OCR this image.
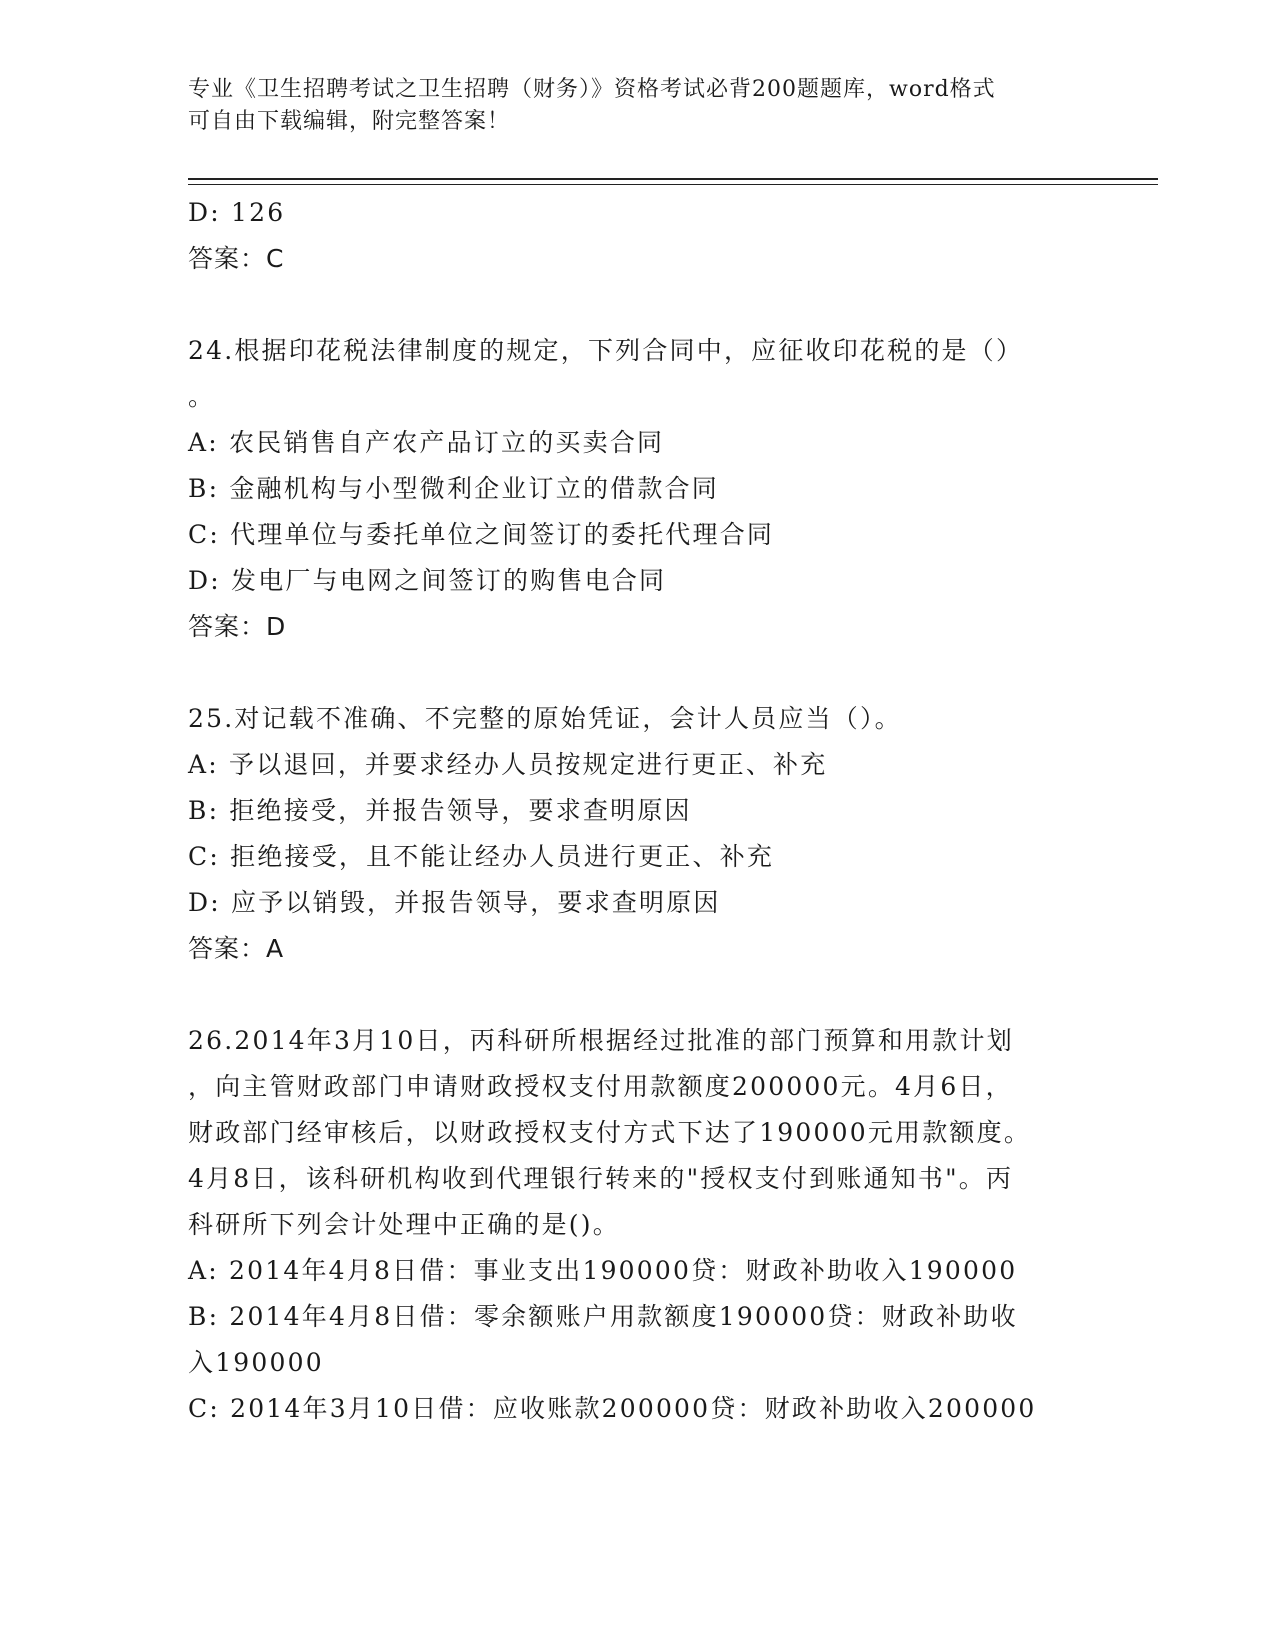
专业《卫生招聘考试之卫生招聘（财务）》资格考试必背200题题库，word格式
可自由下载编辑，附完整答案！
D: 126
答案：C
24.根据印花税法律制度的规定，下列合同中，应征收印花税的是（）
。
A: 农民销售自产农产品订立的买卖合同
B: 金融机构与小型微利企业订立的借款合同
C: 代理单位与委托单位之间签订的委托代理合同
D: 发电厂与电网之间签订的购售电合同
答案：D
25.对记载不准确、不完整的原始凭证，会计人员应当（）。
A: 予以退回，并要求经办人员按规定进行更正、补充
B: 拒绝接受，并报告领导，要求查明原因
C: 拒绝接受，且不能让经办人员进行更正、补充
D: 应予以销毁，并报告领导，要求查明原因
答案：A
26.2014年3月10日，丙科研所根据经过批准的部门预算和用款计划
，向主管财政部门申请财政授权支付用款额度200000元。4月6日，
财政部门经审核后，以财政授权支付方式下达了190000元用款额度。
4月8日，该科研机构收到代理银行转来的"授权支付到账通知书"。丙
科研所下列会计处理中正确的是()。
A: 2014年4月8日借：事业支出190000贷：财政补助收入190000
B: 2014年4月8日借：零余额账户用款额度190000贷：财政补助收
入190000
C: 2014年3月10日借：应收账款200000贷：财政补助收入200000
